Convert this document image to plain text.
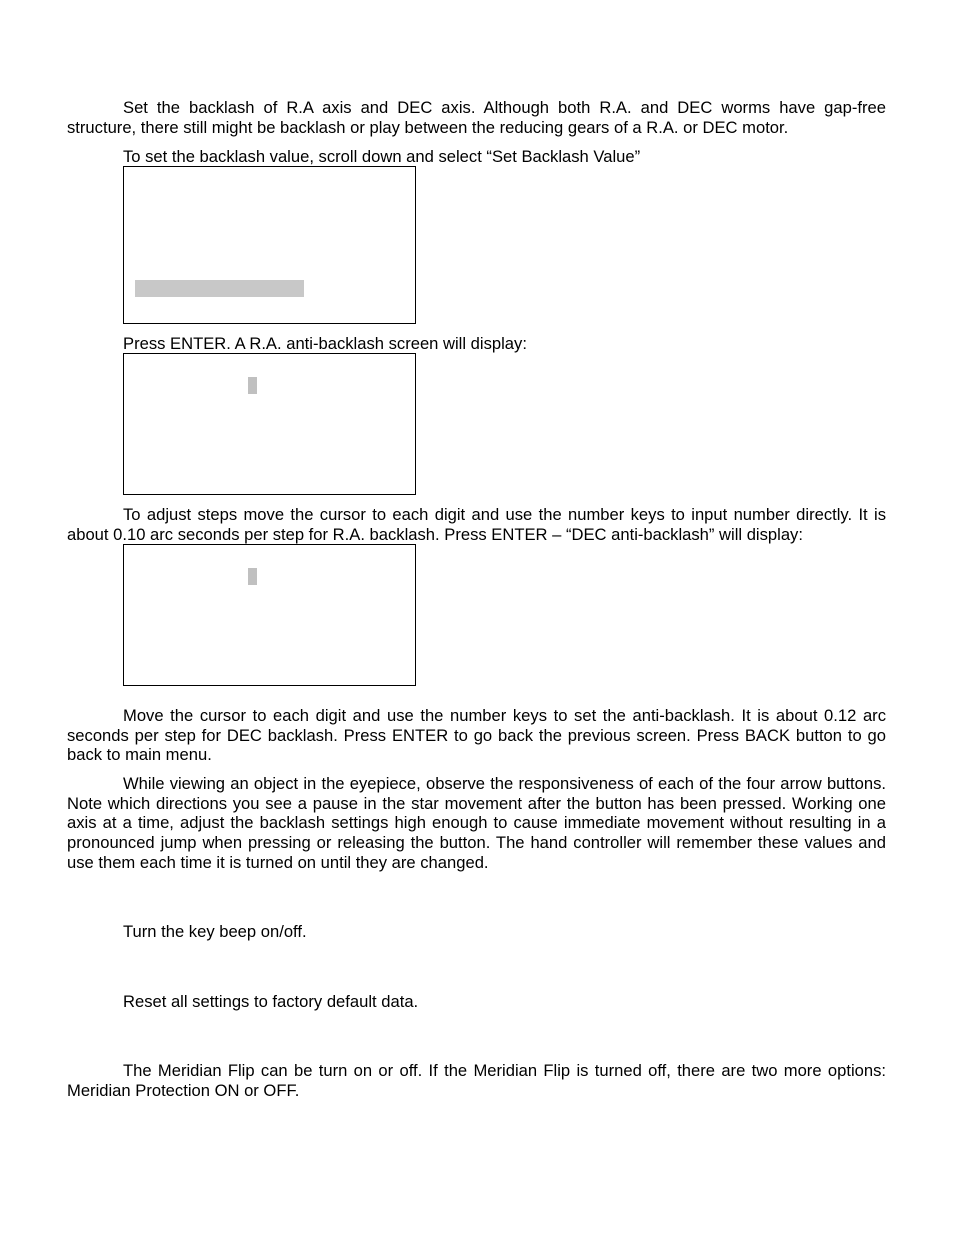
Set the backlash of R.A axis and DEC axis. Although both R.A. and DEC worms have gap-free structure, there still might be backlash or play between the reducing gears of a R.A. or DEC motor.

To set the backlash value, scroll down and select “Set Backlash Value”

Press ENTER. A R.A. anti-backlash screen will display:

To adjust steps move the cursor to each digit and use the number keys to input number directly. It is about 0.10 arc seconds per step for R.A. backlash. Press ENTER – “DEC anti-backlash” will display:

Move the cursor to each digit and use the number keys to set the anti-backlash. It is about 0.12 arc seconds per step for DEC backlash. Press ENTER to go back the previous screen. Press BACK button to go back to main menu.

While viewing an object in the eyepiece, observe the responsiveness of each of the four arrow buttons. Note which directions you see a pause in the star movement after the button has been pressed. Working one axis at a time, adjust the backlash settings high enough to cause immediate movement without resulting in a pronounced jump when pressing or releasing the button. The hand controller will remember these values and use them each time it is turned on until they are changed.

Turn the key beep on/off.

Reset all settings to factory default data.

The Meridian Flip can be turn on or off. If the Meridian Flip is turned off, there are two more options: Meridian Protection ON or OFF.
